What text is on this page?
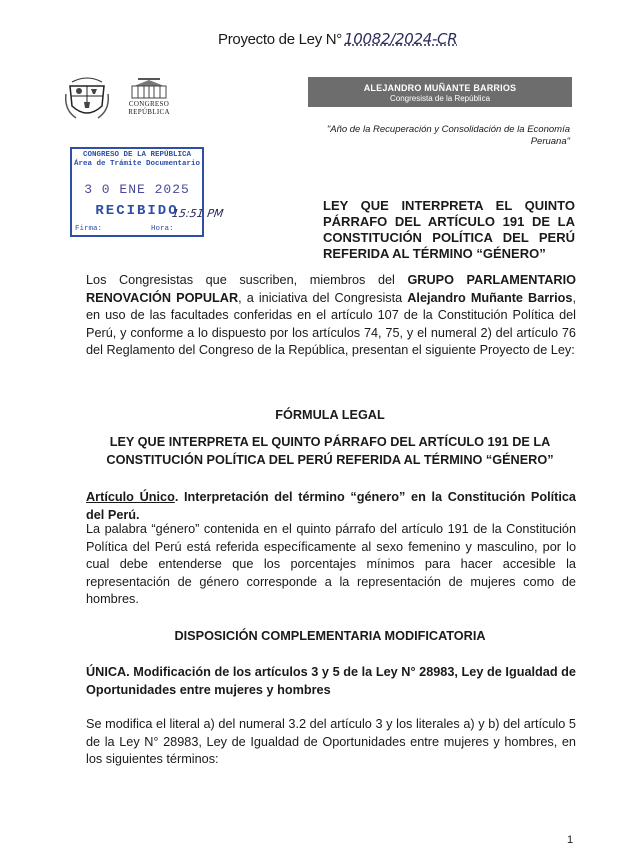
Proyecto de Ley N° 10082/2024-CR
CONGRESO REPÚBLICA
ALEJANDRO MUÑANTE BARRIOS
Congresista de la República
"Año de la Recuperación y Consolidación de la Economía
Peruana"
CONGRESO DE LA REPÚBLICA
Área de Trámite Documentario
3 0 ENE 2025
RECIBIDO
Firma:	Hora:
15:51 PM
LEY QUE INTERPRETA EL QUINTO PÁRRAFO DEL ARTÍCULO 191 DE LA CONSTITUCIÓN POLÍTICA DEL PERÚ REFERIDA AL TÉRMINO “GÉNERO”
Los Congresistas que suscriben, miembros del GRUPO PARLAMENTARIO RENOVACIÓN POPULAR, a iniciativa del Congresista Alejandro Muñante Barrios, en uso de las facultades conferidas en el artículo 107 de la Constitución Política del Perú, y conforme a lo dispuesto por los artículos 74, 75, y el numeral 2) del artículo 76 del Reglamento del Congreso de la República, presentan el siguiente Proyecto de Ley:
FÓRMULA LEGAL
LEY QUE INTERPRETA EL QUINTO PÁRRAFO DEL ARTÍCULO 191 DE LA CONSTITUCIÓN POLÍTICA DEL PERÚ REFERIDA AL TÉRMINO “GÉNERO”
Artículo Único. Interpretación del término “género” en la Constitución Política del Perú.
La palabra “género” contenida en el quinto párrafo del artículo 191 de la Constitución Política del Perú está referida específicamente al sexo femenino y masculino, por lo cual debe entenderse que los porcentajes mínimos para hacer accesible la representación de género corresponde a la representación de mujeres como de hombres.
DISPOSICIÓN COMPLEMENTARIA MODIFICATORIA
ÚNICA. Modificación de los artículos 3 y 5 de la Ley N° 28983, Ley de Igualdad de Oportunidades entre mujeres y hombres
Se modifica el literal a) del numeral 3.2 del artículo 3 y los literales a) y b) del artículo 5 de la Ley N° 28983, Ley de Igualdad de Oportunidades entre mujeres y hombres, en los siguientes términos:
1
